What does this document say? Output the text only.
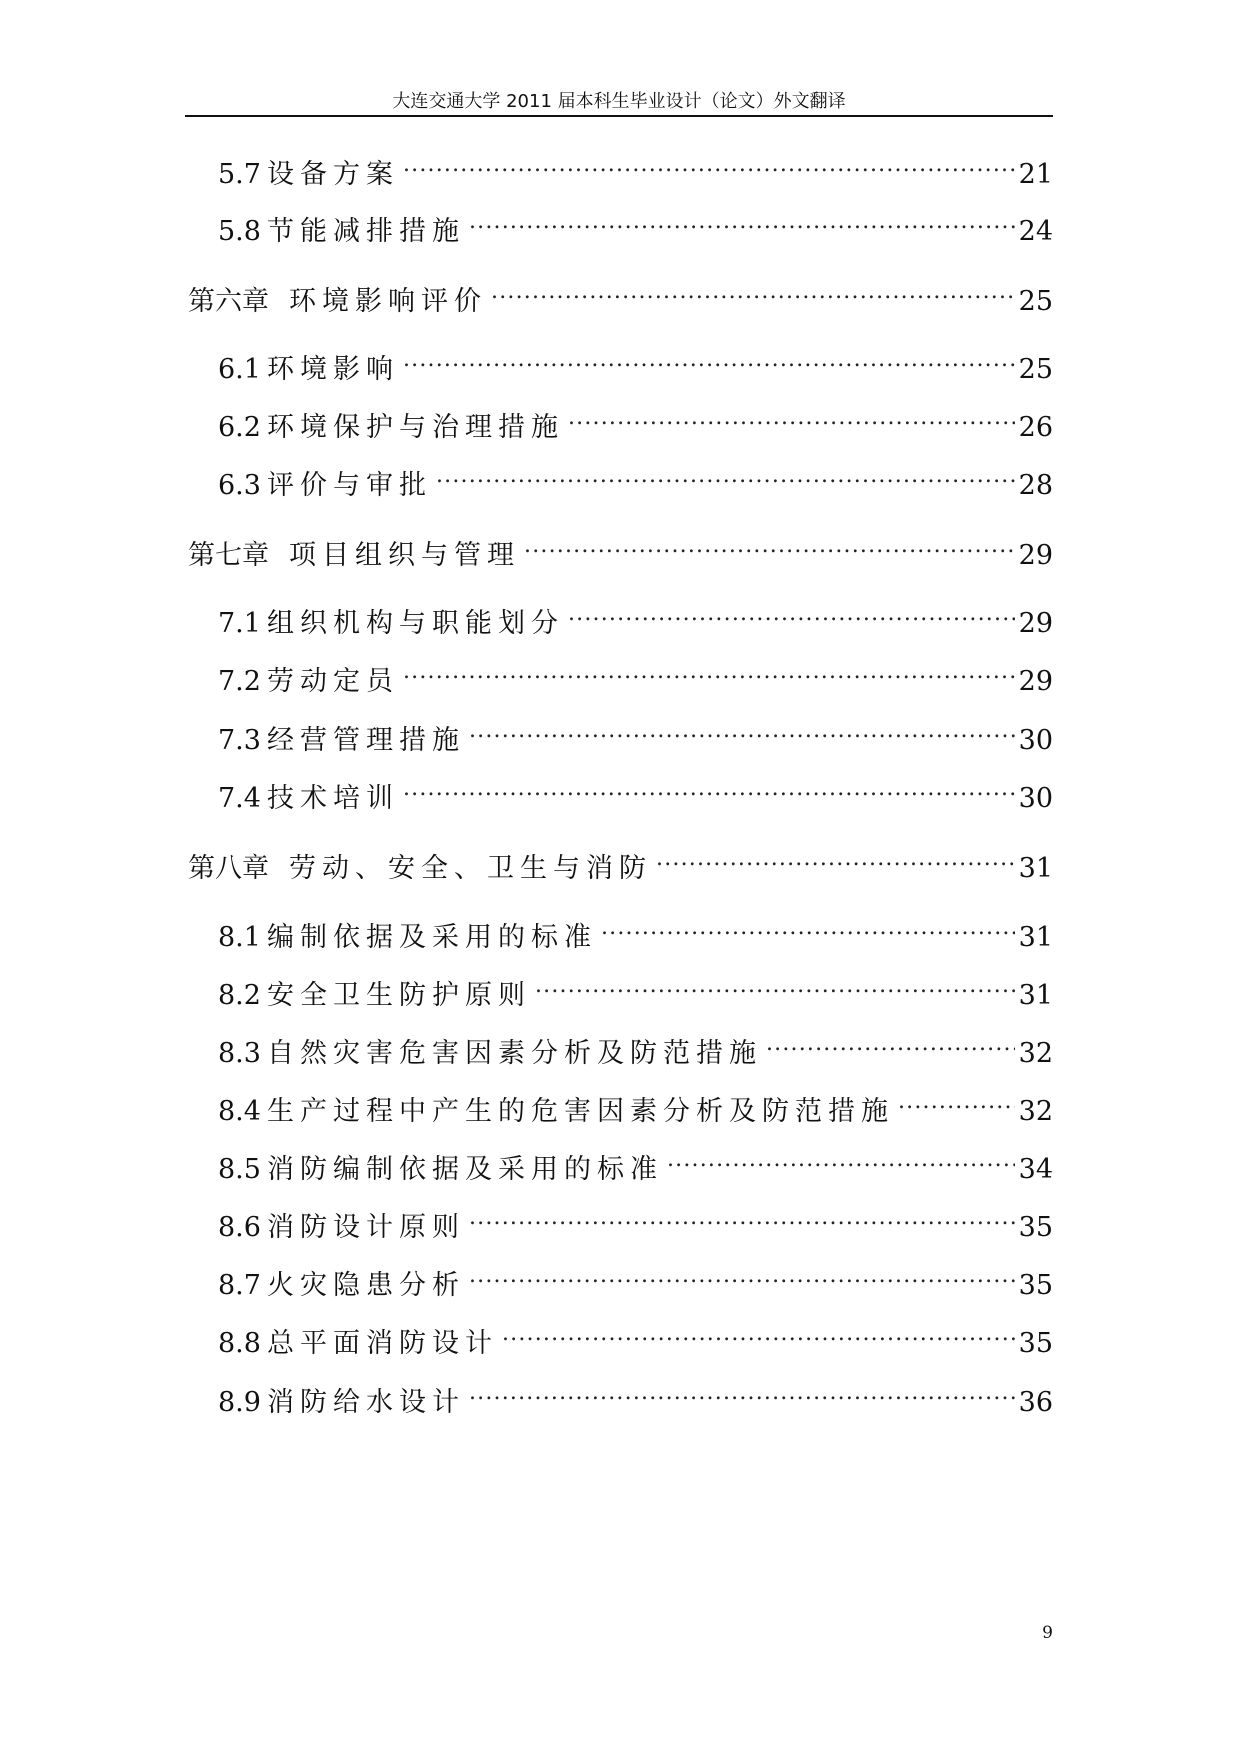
大连交通大学 2011 届本科生毕业设计（论文）外文翻译
5.7 设备方案 .....	21
5.8 节能减排措施 .....	24
第六章 环境影响评价 .....	25
6.1 环境影响 .....	25
6.2 环境保护与治理措施 .....	26
6.3 评价与审批 .....	28
第七章 项目组织与管理 .....	29
7.1 组织机构与职能划分 .....	29
7.2 劳动定员 .....	29
7.3 经营管理措施 .....	30
7.4 技术培训 .....	30
第八章 劳动、安全、卫生与消防 .....	31
8.1 编制依据及采用的标准 .....	31
8.2 安全卫生防护原则 .....	31
8.3 自然灾害危害因素分析及防范措施 .....	32
8.4 生产过程中产生的危害因素分析及防范措施 .....	32
8.5 消防编制依据及采用的标准 .....	34
8.6 消防设计原则 .....	35
8.7 火灾隐患分析 .....	35
8.8 总平面消防设计 .....	35
8.9 消防给水设计 .....	36
9
